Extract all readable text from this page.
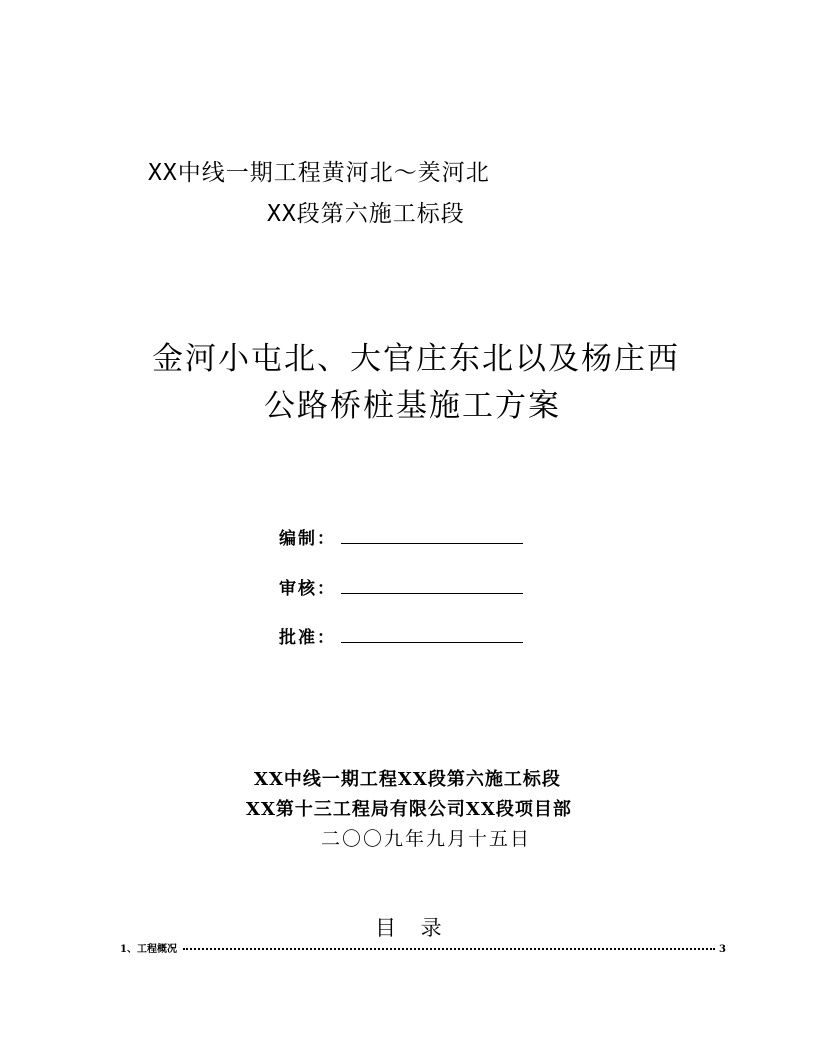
XX中线一期工程黄河北～羑河北
XX段第六施工标段
金河小屯北、大官庄东北以及杨庄西
公路桥桩基施工方案
编制：
审核：
批准：
XX中线一期工程XX段第六施工标段
XX第十三工程局有限公司XX段项目部
二〇〇九年九月十五日
目 录
1、工程概况	3
